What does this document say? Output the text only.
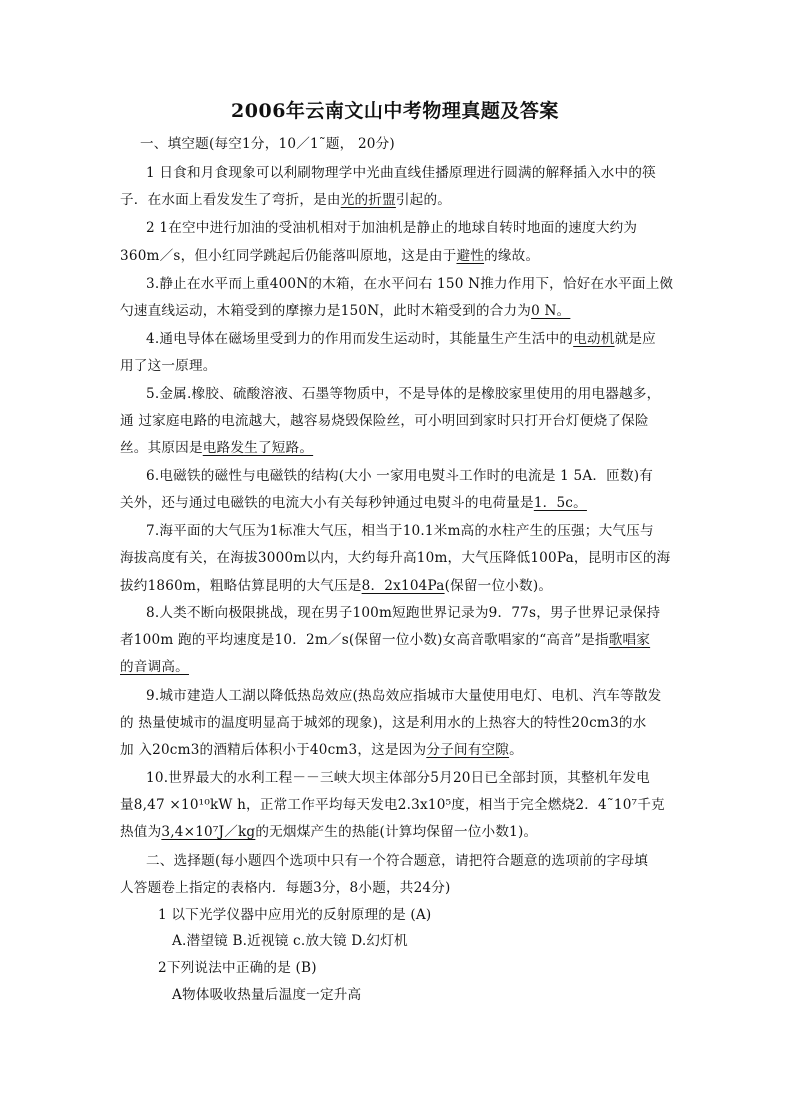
2006年云南文山中考物理真题及答案
一、填空题(每空1分，10／1˜题， 20分)
1 日食和月食现象可以利刷物理学中光曲直线佳播原理进行圆满的解释插入水中的筷
子．在水面上看发发生了弯折，是由光的折盟引起的。
2 1在空中进行加油的受油机相对于加油机是静止的地球自转时地面的速度大约为
360m／s，但小红同学跳起后仍能落叫原地，这是由于避性的缘故。
3.静止在水平而上重400N的木箱，在水平问右 150 N推力作用下，恰好在水平面上傚
勺速直线运动，木箱受到的摩擦力是150N，此时木箱受到的合力为0 N。
4.通电导体在磁场里受到力的作用而发生运动时，其能量生产生活中的电动机就是应
用了这一原理。
5.金属.橡胶、硫酸溶液、石墨等物质中，不是导体的是橡胶家里使用的用电器越多，
通 过家庭电路的电流越大，越容易烧毁保险丝，可小明回到家时只打开台灯便烧了保险
丝。其原因是电路发生了短路。
6.电磁铁的磁性与电磁铁的结构(大小 一家用电熨斗工作时的电流是 1 5A．匝数)有
关外，还与通过电磁铁的电流大小有关每秒钟通过电熨斗的电荷量是1．5c。
7.海平面的大气压为1标准大气压，相当于10.1米m高的水柱产生的压强；大气压与
海拔高度有关，在海拔3000m以内，大约每升高10m，大气压降低100Pa，昆明市区的海
拔约1860m，粗略估算昆明的大气压是8．2x104Pa(保留一位小数)。
8.人类不断向极限挑战，现在男子100m短跑世界记录为9．77s，男子世界记录保持
者100m 跑的平均速度是10．2m／s(保留一位小数)女高音歌唱家的“高音”是指歌唱家
的音调高。
9.城市建造人工湖以降低热岛效应(热岛效应指城市大量使用电灯、电机、汽车等散发
的 热量使城市的温度明显高于城郊的现象)，这是利用水的上热容大的特性20cm3的水
加 入20cm3的酒精后体积小于40cm3，这是因为分子间有空隙。
10.世界最大的水利工程－－三峡大坝主体部分5月20日已全部封顶，其整机年发电
量8,47 ×10¹⁰kW h，正常工作平均每天发电2.3x10⁵度，相当于完全燃烧2．4˜10⁷千克
热值为3,4×10⁷J／kg的无烟煤产生的热能(计算均保留一位小数1)。
二、选择题(每小题四个选项中只有一个符合题意，请把符合题意的选项前的字母填
人答题卷上指定的表格内．每题3分，8小题，共24分)
1 以下光学仪器中应用光的反射原理的是 (A)
A.潜望镜 B.近视镜 c.放大镜 D.幻灯机
2下列说法中正确的是 (B)
A物体吸收热量后温度一定升高
